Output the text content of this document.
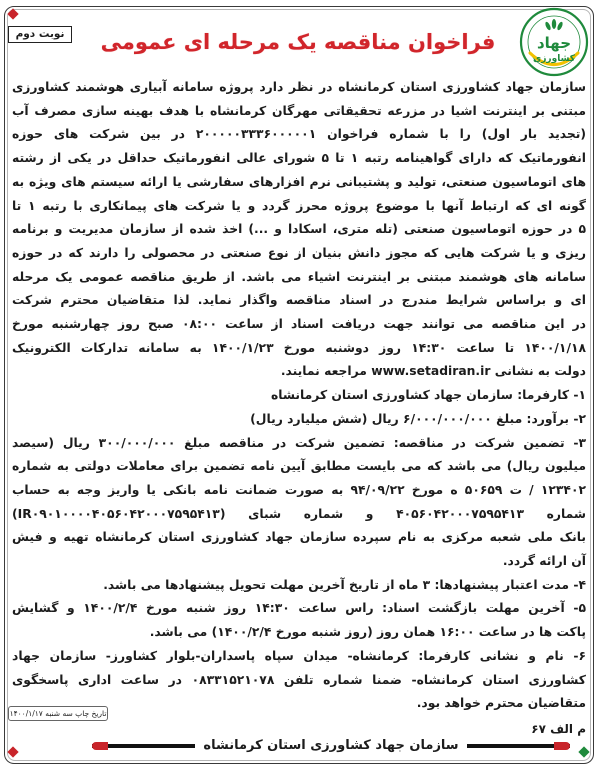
نوبت دوم	فراخوان مناقصه یک مرحله ای عمومی	جهاد
کشاورزی
سازمان جهاد کشاورزی استان کرمانشاه در نظر دارد پروژه سامانه آبیاری هوشمند کشاورزی
مبتنی بر اینترنت اشیا در مزرعه تحقیقاتی مهرگان کرمانشاه با هدف بهینه سازی مصرف آب
(تجدید بار اول) را با شماره فراخوان ۲۰۰۰۰۰۳۳۳۶۰۰۰۰۰۱ در بین شرکت های حوزه
انفورماتیک که دارای گواهینامه رتبه ۱ تا ۵ شورای عالی انفورماتیک حداقل در یکی از رشته
های اتوماسیون صنعتی، تولید و پشتیبانی نرم افزارهای سفارشی یا ارائه سیستم های ویژه به
گونه ای که ارتباط آنها با موضوع پروژه محرز گردد و یا شرکت های پیمانکاری با رتبه ۱ تا
۵ در حوزه اتوماسیون صنعتی (تله متری، اسکادا و ...) اخذ شده از سازمان مدیریت و برنامه
ریزی و یا شرکت هایی که مجوز دانش بنیان از نوع صنعتی در محصولی را دارند که در حوزه
سامانه های هوشمند مبتنی بر اینترنت اشیاء می باشد. از طریق مناقصه عمومی یک مرحله
ای و براساس شرایط مندرج در اسناد مناقصه واگذار نماید. لذا متقاضیان محترم شرکت
در این مناقصه می توانند جهت دریافت اسناد از ساعت ۰۸:۰۰ صبح روز چهارشنبه مورخ
۱۴۰۰/۱/۱۸ تا ساعت ۱۴:۳۰ روز دوشنبه مورخ ۱۴۰۰/۱/۲۳ به سامانه تدارکات الکترونیک
دولت به نشانی www.setadiran.ir مراجعه نمایند.
۱- کارفرما: سازمان جهاد کشاورزی استان کرمانشاه
۲- برآورد: مبلغ ۶/۰۰۰/۰۰۰/۰۰۰ ریال (شش میلیارد ریال)
۳- تضمین شرکت در مناقصه: تضمین شرکت در مناقصه مبلغ ۳۰۰/۰۰۰/۰۰۰ ریال (سیصد
میلیون ریال) می باشد که می بایست مطابق آیین نامه تضمین برای معاملات دولتی به شماره
۱۲۳۴۰۲ / ت ۵۰۶۵۹ ه مورخ ۹۴/۰۹/۲۲ به صورت ضمانت نامه بانکی یا واریز وجه به حساب
شماره ۴۰۵۶۰۴۲۰۰۰۷۵۹۵۴۱۳ و شماره شبای (IR۰۹۰۱۰۰۰۰۴۰۵۶۰۴۲۰۰۰۷۵۹۵۴۱۳)
بانک ملی شعبه مرکزی به نام سپرده سازمان جهاد کشاورزی استان کرمانشاه تهیه و فیش
آن ارائه گردد.
۴- مدت اعتبار پیشنهادها: ۳ ماه از تاریخ آخرین مهلت تحویل پیشنهادها می باشد.
۵- آخرین مهلت بازگشت اسناد: راس ساعت ۱۴:۳۰ روز شنبه مورخ ۱۴۰۰/۲/۴ و گشایش
پاکت ها در ساعت ۱۶:۰۰ همان روز (روز شنبه مورخ ۱۴۰۰/۲/۴) می باشد.
۶- نام و نشانی کارفرما: کرمانشاه- میدان سپاه پاسداران-بلوار کشاورز- سازمان جهاد
کشاورزی استان کرمانشاه- ضمنا شماره تلفن ۰۸۳۳۱۵۲۱۰۷۸ در ساعت اداری پاسخگوی
متقاضیان محترم خواهد بود.
تاریخ چاپ سه شنبه ۱۴۰۰/۱/۱۷
م الف ۶۷
سازمان جهاد کشاورزی استان کرمانشاه
